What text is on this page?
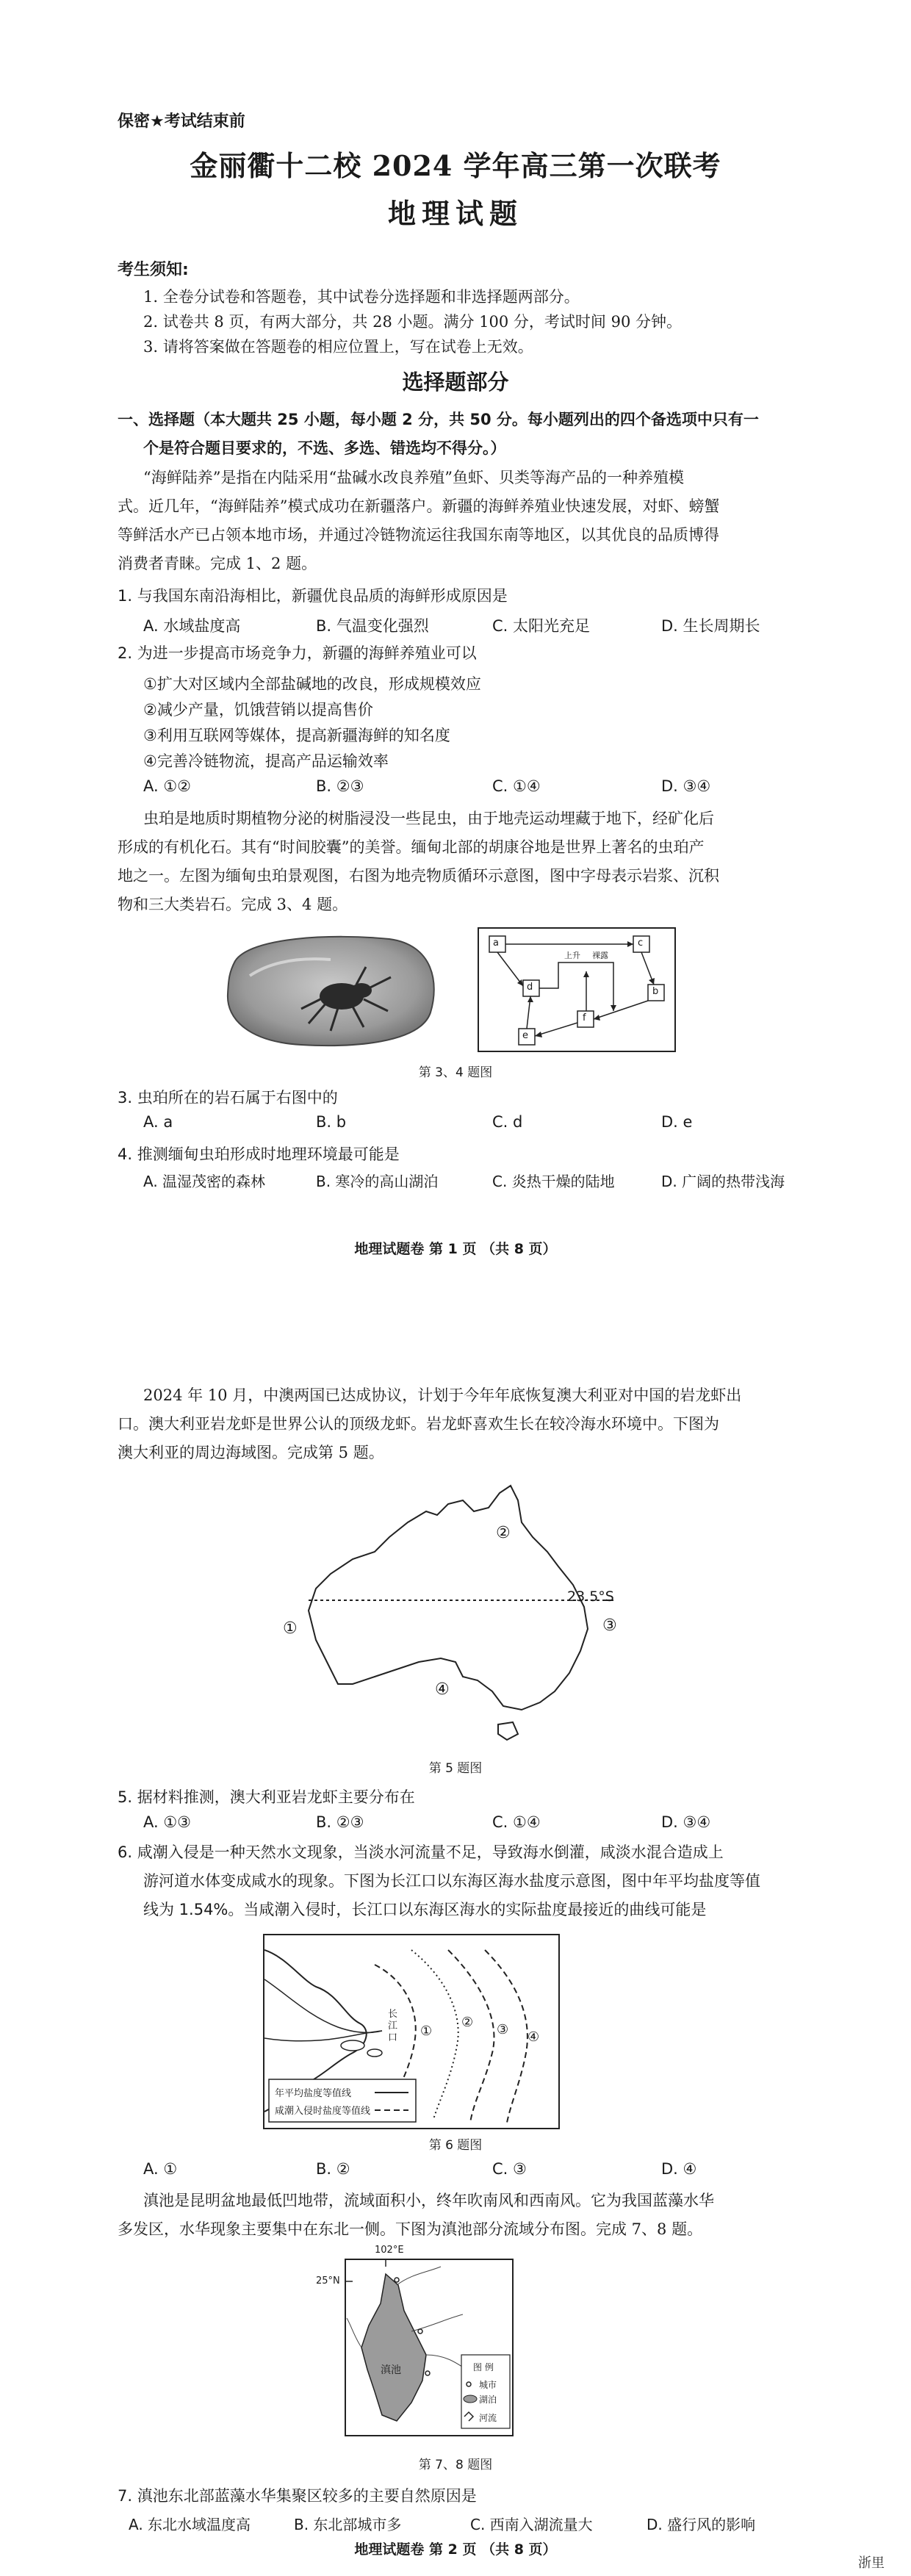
保密★考试结束前
金丽衢十二校 2024 学年高三第一次联考
地理试题
考生须知:
1. 全卷分试卷和答题卷，其中试卷分选择题和非选择题两部分。
2. 试卷共 8 页，有两大部分，共 28 小题。满分 100 分，考试时间 90 分钟。
3. 请将答案做在答题卷的相应位置上，写在试卷上无效。
选择题部分
一、选择题（本大题共 25 小题，每小题 2 分，共 50 分。每小题列出的四个备选项中只有一
个是符合题目要求的，不选、多选、错选均不得分。）
“海鲜陆养”是指在内陆采用“盐碱水改良养殖”鱼虾、贝类等海产品的一种养殖模
式。近几年，“海鲜陆养”模式成功在新疆落户。新疆的海鲜养殖业快速发展，对虾、螃蟹
等鲜活水产已占领本地市场，并通过冷链物流运往我国东南等地区，以其优良的品质博得
消费者青睐。完成 1、2 题。
1. 与我国东南沿海相比，新疆优良品质的海鲜形成原因是
A. 水域盐度高	B. 气温变化强烈	C. 太阳光充足	D. 生长周期长
2. 为进一步提高市场竞争力，新疆的海鲜养殖业可以
①扩大对区域内全部盐碱地的改良，形成规模效应
②减少产量，饥饿营销以提高售价
③利用互联网等媒体，提高新疆海鲜的知名度
④完善冷链物流，提高产品运输效率
A. ①②	B. ②③	C. ①④	D. ③④
虫珀是地质时期植物分泌的树脂浸没一些昆虫，由于地壳运动埋藏于地下，经矿化后
形成的有机化石。其有“时间胶囊”的美誉。缅甸北部的胡康谷地是世界上著名的虫珀产
地之一。左图为缅甸虫珀景观图，右图为地壳物质循环示意图，图中字母表示岩浆、沉积
物和三大类岩石。完成 3、4 题。
a	c
上升 裸露
d	b
f
e
第 3、4 题图
3. 虫珀所在的岩石属于右图中的
A. a	B. b	C. d	D. e
4. 推测缅甸虫珀形成时地理环境最可能是
A. 温湿茂密的森林	B. 寒冷的高山湖泊	C. 炎热干燥的陆地	D. 广阔的热带浅海
地理试题卷 第 1 页 （共 8 页）
2024 年 10 月，中澳两国已达成协议，计划于今年年底恢复澳大利亚对中国的岩龙虾出
口。澳大利亚岩龙虾是世界公认的顶级龙虾。岩龙虾喜欢生长在较冷海水环境中。下图为
澳大利亚的周边海域图。完成第 5 题。
23.5°S
①
②
③
④
第 5 题图
5. 据材料推测，澳大利亚岩龙虾主要分布在
A. ①③	B. ②③	C. ①④	D. ③④
6. 咸潮入侵是一种天然水文现象，当淡水河流量不足，导致海水倒灌，咸淡水混合造成上
游河道水体变成咸水的现象。下图为长江口以东海区海水盐度示意图，图中年平均盐度等值
线为 1.54%。当咸潮入侵时，长江口以东海区海水的实际盐度最接近的曲线可能是
长江口 ①
② ③ ④
年平均盐度等值线
咸潮入侵时盐度等值线
第 6 题图
A. ①	B. ②	C. ③	D. ④
滇池是昆明盆地最低凹地带，流域面积小，终年吹南风和西南风。它为我国蓝藻水华
多发区，水华现象主要集中在东北一侧。下图为滇池部分流域分布图。完成 7、8 题。
102°E
25°N
滇池	图 例
城市
湖泊
河流
第 7、8 题图
7. 滇池东北部蓝藻水华集聚区较多的主要自然原因是
A. 东北水域温度高	B. 东北部城市多	C. 西南入湖流量大	D. 盛行风的影响
地理试题卷 第 2 页 （共 8 页）
浙里
